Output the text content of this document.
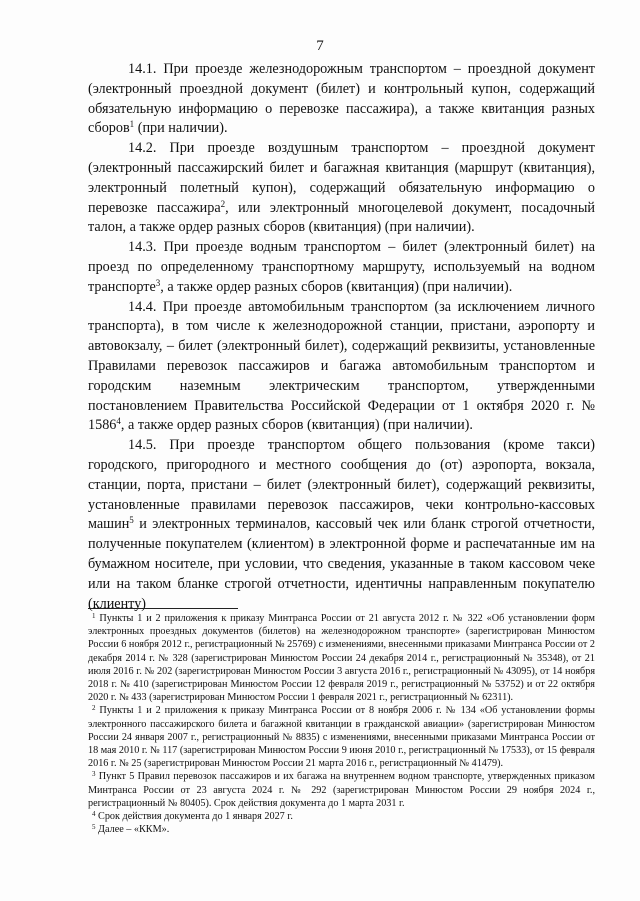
7

14.1. При проезде железнодорожным транспортом – проездной документ (электронный проездной документ (билет) и контрольный купон, содержащий обязательную информацию о перевозке пассажира), а также квитанция разных сборов$^1$ (при наличии).

14.2. При проезде воздушным транспортом – проездной документ (электронный пассажирский билет и багажная квитанция (маршрут (квитанция), электронный полетный купон), содержащий обязательную информацию о перевозке пассажира$^2$, или электронный многоцелевой документ, посадочный талон, а также ордер разных сборов (квитанция) (при наличии).

14.3. При проезде водным транспортом – билет (электронный билет) на проезд по определенному транспортному маршруту, используемый на водном транспорте$^3$, а также ордер разных сборов (квитанция) (при наличии).

14.4. При проезде автомобильным транспортом (за исключением личного транспорта), в том числе к железнодорожной станции, пристани, аэропорту и автовокзалу, – билет (электронный билет), содержащий реквизиты, установленные Правилами перевозок пассажиров и багажа автомобильным транспортом и городским наземным электрическим транспортом, утвержденными постановлением Правительства Российской Федерации от 1 октября 2020 г. № 1586$^4$, а также ордер разных сборов (квитанция) (при наличии).

14.5. При проезде транспортом общего пользования (кроме такси) городского, пригородного и местного сообщения до (от) аэропорта, вокзала, станции, порта, пристани – билет (электронный билет), содержащий реквизиты, установленные правилами перевозок пассажиров, чеки контрольно-кассовых машин$^5$ и электронных терминалов, кассовый чек или бланк строгой отчетности, полученные покупателем (клиентом) в электронной форме и распечатанные им на бумажном носителе, при условии, что сведения, указанные в таком кассовом чеке или на таком бланке строгой отчетности, идентичны направленным покупателю (клиенту)

$^1$ Пункты 1 и 2 приложения к приказу Минтранса России от 21 августа 2012 г. № 322 «Об установлении форм электронных проездных документов (билетов) на железнодорожном транспорте» (зарегистрирован Минюстом России 6 ноября 2012 г., регистрационный № 25769) с изменениями, внесенными приказами Минтранса России от 2 декабря 2014 г. № 328 (зарегистрирован Минюстом России 24 декабря 2014 г., регистрационный № 35348), от 21 июля 2016 г. № 202 (зарегистрирован Минюстом России 3 августа 2016 г., регистрационный № 43095), от 14 ноября 2018 г. № 410 (зарегистрирован Минюстом России 12 февраля 2019 г., регистрационный № 53752) и от 22 октября 2020 г. № 433 (зарегистрирован Минюстом России 1 февраля 2021 г., регистрационный № 62311).

$^2$ Пункты 1 и 2 приложения к приказу Минтранса России от 8 ноября 2006 г. № 134 «Об установлении формы электронного пассажирского билета и багажной квитанции в гражданской авиации» (зарегистрирован Минюстом России 24 января 2007 г., регистрационный № 8835) с изменениями, внесенными приказами Минтранса России от 18 мая 2010 г. № 117 (зарегистрирован Минюстом России 9 июня 2010 г., регистрационный № 17533), от 15 февраля 2016 г. № 25 (зарегистрирован Минюстом России 21 марта 2016 г., регистрационный № 41479).

$^3$ Пункт 5 Правил перевозок пассажиров и их багажа на внутреннем водном транспорте, утвержденных приказом Минтранса России от 23 августа 2024 г. № 292 (зарегистрирован Минюстом России 29 ноября 2024 г., регистрационный № 80405). Срок действия документа до 1 марта 2031 г.

$^4$ Срок действия документа до 1 января 2027 г.

$^5$ Далее – «ККМ».
